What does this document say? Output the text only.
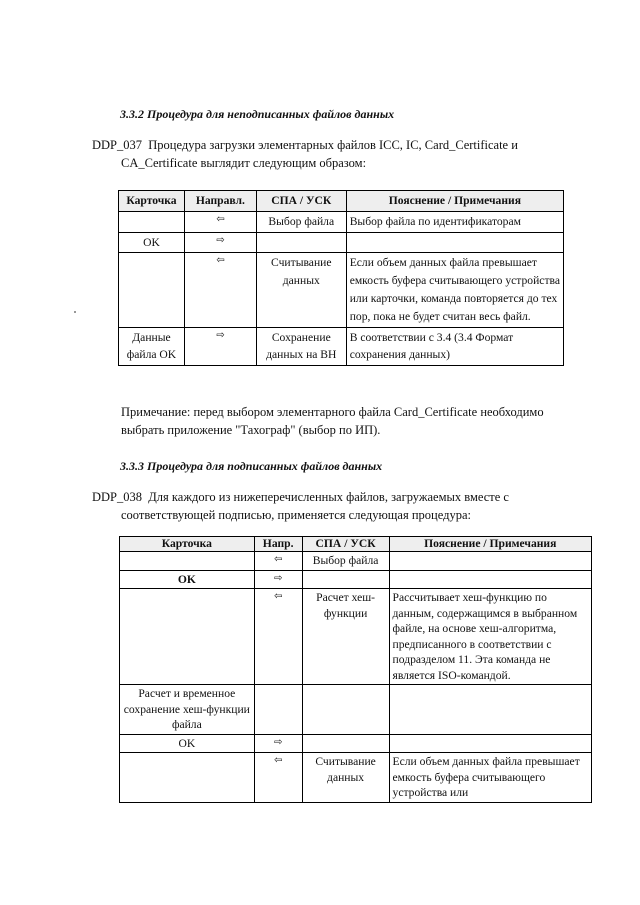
3.3.2 Процедура для неподписанных файлов данных
DDP_037 Процедура загрузки элементарных файлов ICC, IC, Card_Certificate и
CA_Certificate выглядит следующим образом:
Карточка	Направл.	СПА / УСК	Пояснение / Примечания

	⇦	Выбор файла	Выбор файла по идентификаторам
OK	⇨		

	⇦	Считывание данных	Если объем данных файла превышает емкость буфера считывающего устройства или карточки, команда повторяется до тех пор, пока не будет считан весь файл.
Данные файла OK	⇨	Сохранение данных на ВН	В соответствии с 3.4 (3.4 Формат сохранения данных)
Примечание: перед выбором элементарного файла Card_Certificate необходимо
выбрать приложение "Тахограф" (выбор по ИП).
3.3.3 Процедура для подписанных файлов данных
DDP_038 Для каждого из нижеперечисленных файлов, загружаемых вместе с
соответствующей подписью, применяется следующая процедура:
Карточка	Напр.	СПА / УСК	Пояснение / Примечания

	⇦	Выбор файла	
OK	⇨		

	⇦	Расчет хеш-функции	Рассчитывает хеш-функцию по данным, содержащимся в выбранном файле, на основе хеш-алгоритма, предписанного в соответствии с подразделом 11. Эта команда не является ISO-командой.
Расчет и временное сохранение хеш-функции файла			
OK	⇨		

	⇦	Считывание данных	Если объем данных файла превышает емкость буфера считывающего устройства или
